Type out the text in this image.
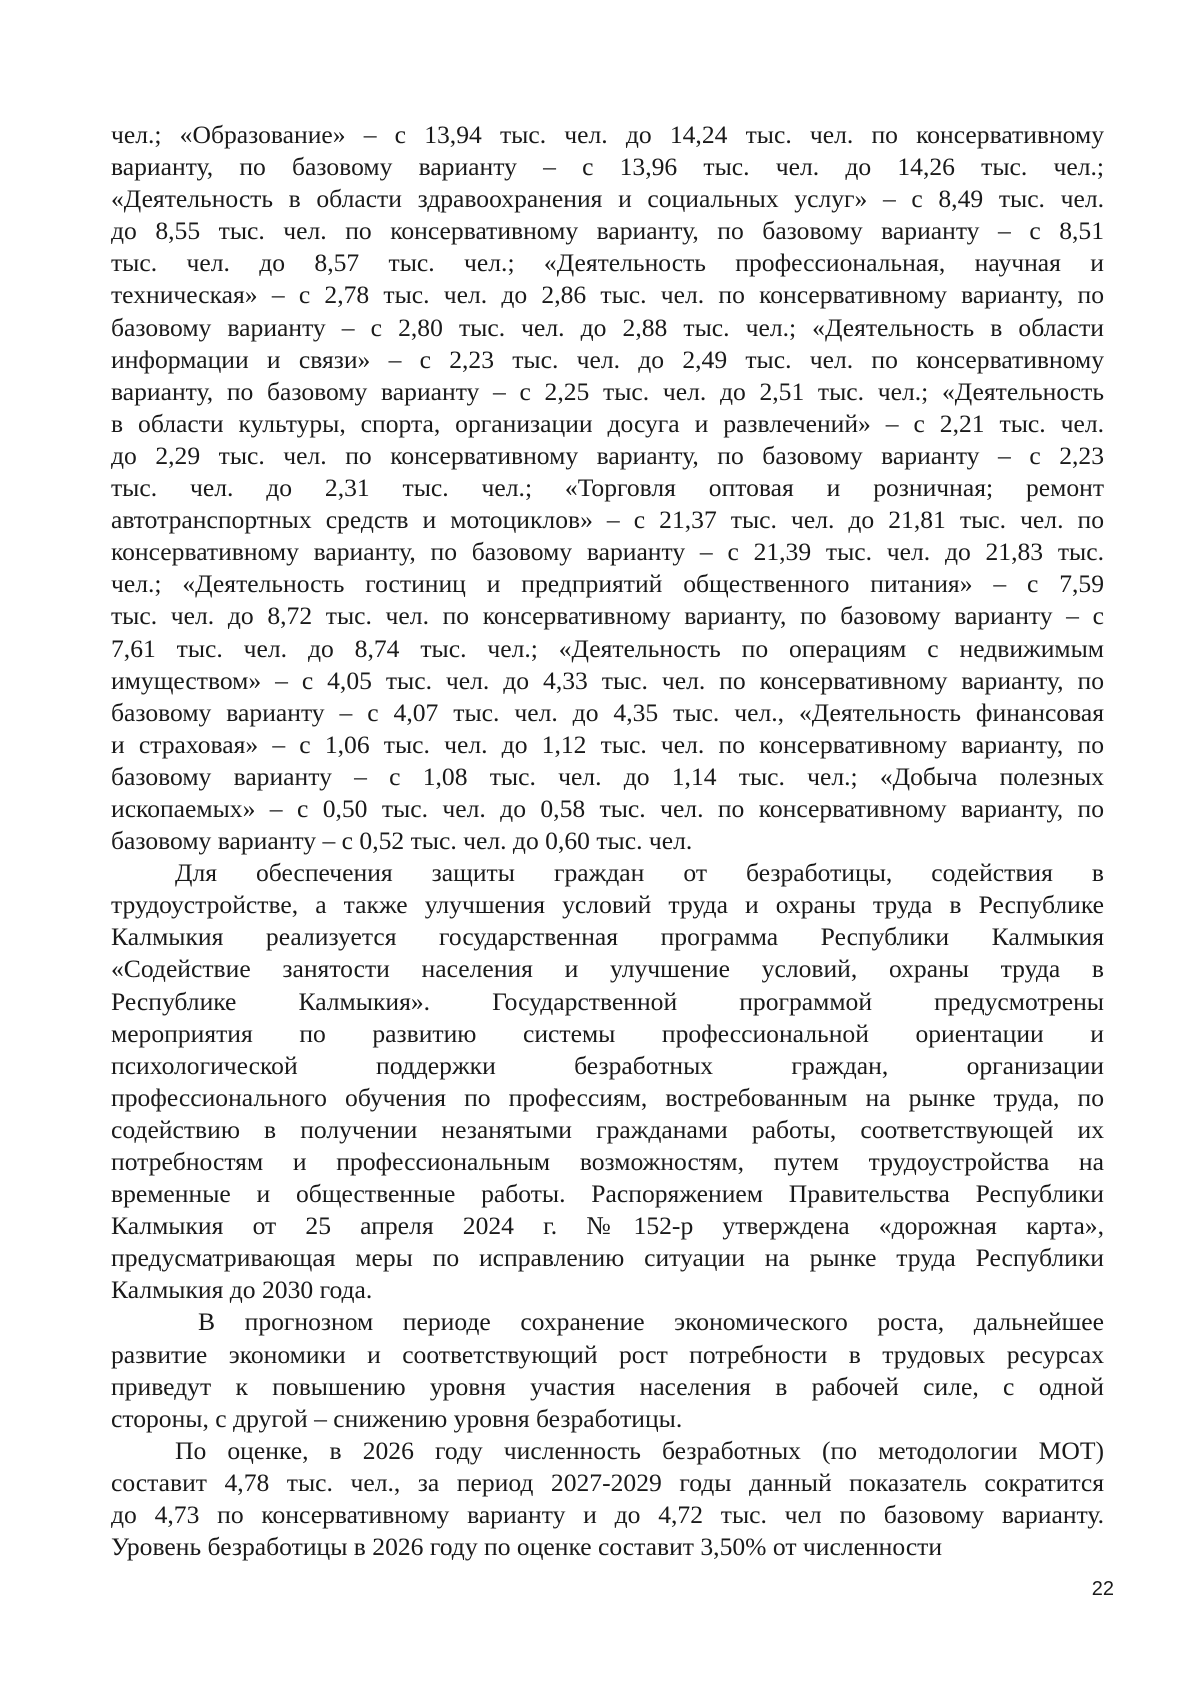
чел.; «Образование» – с 13,94 тыс. чел. до 14,24 тыс. чел. по консервативному
варианту, по базовому варианту – с 13,96 тыс. чел. до 14,26 тыс. чел.;
«Деятельность в области здравоохранения и социальных услуг» – с 8,49 тыс. чел.
до 8,55 тыс. чел. по консервативному варианту, по базовому варианту – с 8,51
тыс. чел. до 8,57 тыс. чел.; «Деятельность профессиональная, научная и
техническая» – с 2,78 тыс. чел. до 2,86 тыс. чел. по консервативному варианту, по
базовому варианту – с 2,80 тыс. чел. до 2,88 тыс. чел.; «Деятельность в области
информации и связи» – с 2,23 тыс. чел. до 2,49 тыс. чел. по консервативному
варианту, по базовому варианту – с 2,25 тыс. чел. до 2,51 тыс. чел.; «Деятельность
в области культуры, спорта, организации досуга и развлечений» – с 2,21 тыс. чел.
до 2,29 тыс. чел. по консервативному варианту, по базовому варианту – с 2,23
тыс. чел. до 2,31 тыс. чел.; «Торговля оптовая и розничная; ремонт
автотранспортных средств и мотоциклов» – с 21,37 тыс. чел. до 21,81 тыс. чел. по
консервативному варианту, по базовому варианту – с 21,39 тыс. чел. до 21,83 тыс.
чел.; «Деятельность гостиниц и предприятий общественного питания» – с 7,59
тыс. чел. до 8,72 тыс. чел. по консервативному варианту, по базовому варианту – с
7,61 тыс. чел. до 8,74 тыс. чел.; «Деятельность по операциям с недвижимым
имуществом» – с 4,05 тыс. чел. до 4,33 тыс. чел. по консервативному варианту, по
базовому варианту – с 4,07 тыс. чел. до 4,35 тыс. чел., «Деятельность финансовая
и страховая» – с 1,06 тыс. чел. до 1,12 тыс. чел. по консервативному варианту, по
базовому варианту – с 1,08 тыс. чел. до 1,14 тыс. чел.; «Добыча полезных
ископаемых» – с 0,50 тыс. чел. до 0,58 тыс. чел. по консервативному варианту, по
базовому варианту – с 0,52 тыс. чел. до 0,60 тыс. чел.
Для обеспечения защиты граждан от безработицы, содействия в
трудоустройстве, а также улучшения условий труда и охраны труда в Республике
Калмыкия реализуется государственная программа Республики Калмыкия
«Содействие занятости населения и улучшение условий, охраны труда в
Республике Калмыкия». Государственной программой предусмотрены
мероприятия по развитию системы профессиональной ориентации и
психологической поддержки безработных граждан, организации
профессионального обучения по профессиям, востребованным на рынке труда, по
содействию в получении незанятыми гражданами работы, соответствующей их
потребностям и профессиональным возможностям, путем трудоустройства на
временные и общественные работы. Распоряжением Правительства Республики
Калмыкия от 25 апреля 2024 г. №152-р утверждена «дорожная карта»,
предусматривающая меры по исправлению ситуации на рынке труда Республики
Калмыкия до 2030 года.
В прогнозном периоде сохранение экономического роста, дальнейшее
развитие экономики и соответствующий рост потребности в трудовых ресурсах
приведут к повышению уровня участия населения в рабочей силе, с одной
стороны, с другой – снижению уровня безработицы.
По оценке, в 2026 году численность безработных (по методологии МОТ)
составит 4,78 тыс. чел., за период 2027-2029 годы данный показатель сократится
до 4,73 по консервативному варианту и до 4,72 тыс. чел по базовому варианту.
Уровень безработицы в 2026 году по оценке составит 3,50% от численности
22
